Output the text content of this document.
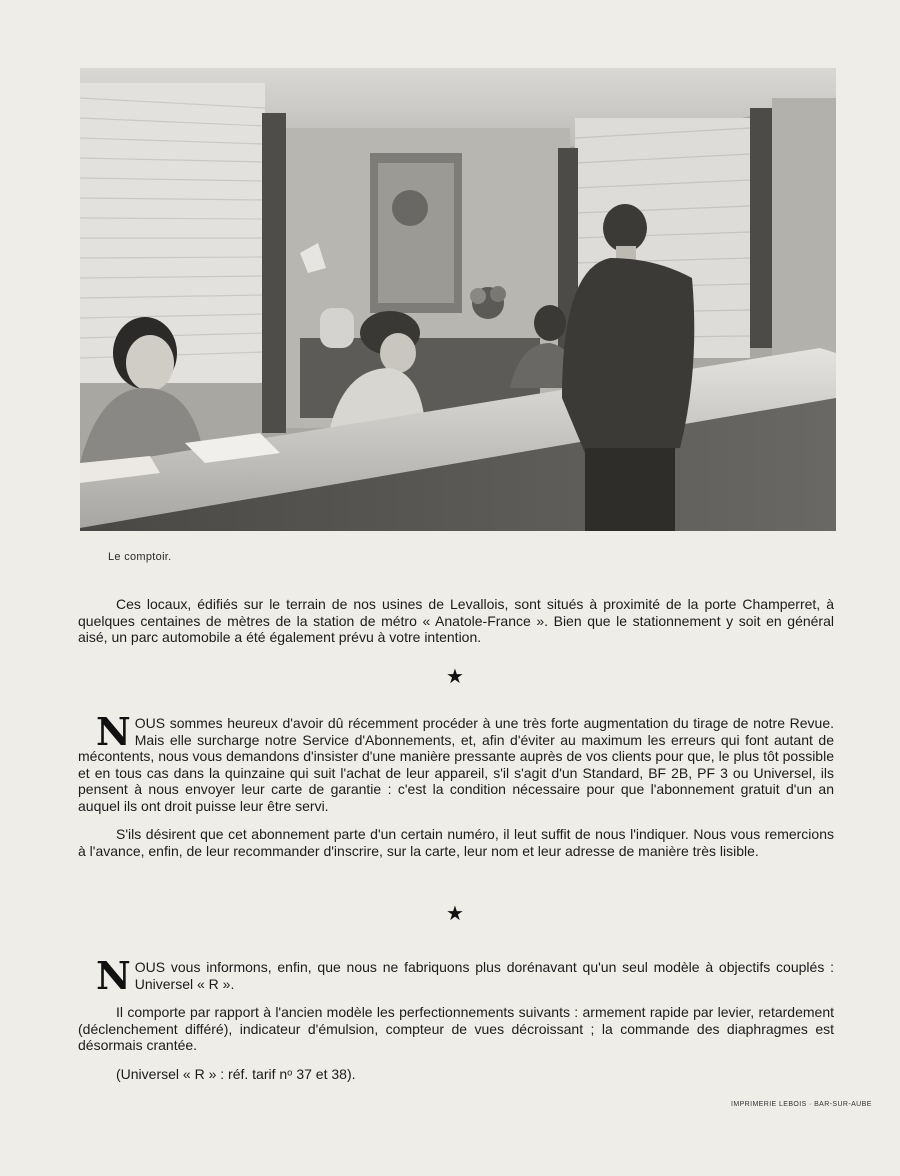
Le comptoir.

Ces locaux, édifiés sur le terrain de nos usines de Levallois, sont situés à proximité de la porte Champerret, à quelques centaines de mètres de la station de métro « Anatole-France ». Bien que le stationnement y soit en général aisé, un parc automobile a été également prévu à votre intention.

★

NOUS sommes heureux d'avoir dû récemment procéder à une très forte augmentation du tirage de notre Revue. Mais elle surcharge notre Service d'Abonnements, et, afin d'éviter au maximum les erreurs qui font autant de mécontents, nous vous demandons d'insister d'une manière pressante auprès de vos clients pour que, le plus tôt possible et en tous cas dans la quinzaine qui suit l'achat de leur appareil, s'il s'agit d'un Standard, BF 2B, PF 3 ou Universel, ils pensent à nous envoyer leur carte de garantie : c'est la condition nécessaire pour que l'abonnement gratuit d'un an auquel ils ont droit puisse leur être servi.

S'ils désirent que cet abonnement parte d'un certain numéro, il leut suffit de nous l'indiquer. Nous vous remercions à l'avance, enfin, de leur recommander d'inscrire, sur la carte, leur nom et leur adresse de manière très lisible.

★

NOUS vous informons, enfin, que nous ne fabriquons plus dorénavant qu'un seul modèle à objectifs couplés : Universel « R ».

Il comporte par rapport à l'ancien modèle les perfectionnements suivants : armement rapide par levier, retardement (déclenchement différé), indicateur d'émulsion, compteur de vues décroissant ; la commande des diaphragmes est désormais crantée.

(Universel « R » : réf. tarif nᵒ 37 et 38).

IMPRIMERIE LEBOIS · BAR-SUR-AUBE
